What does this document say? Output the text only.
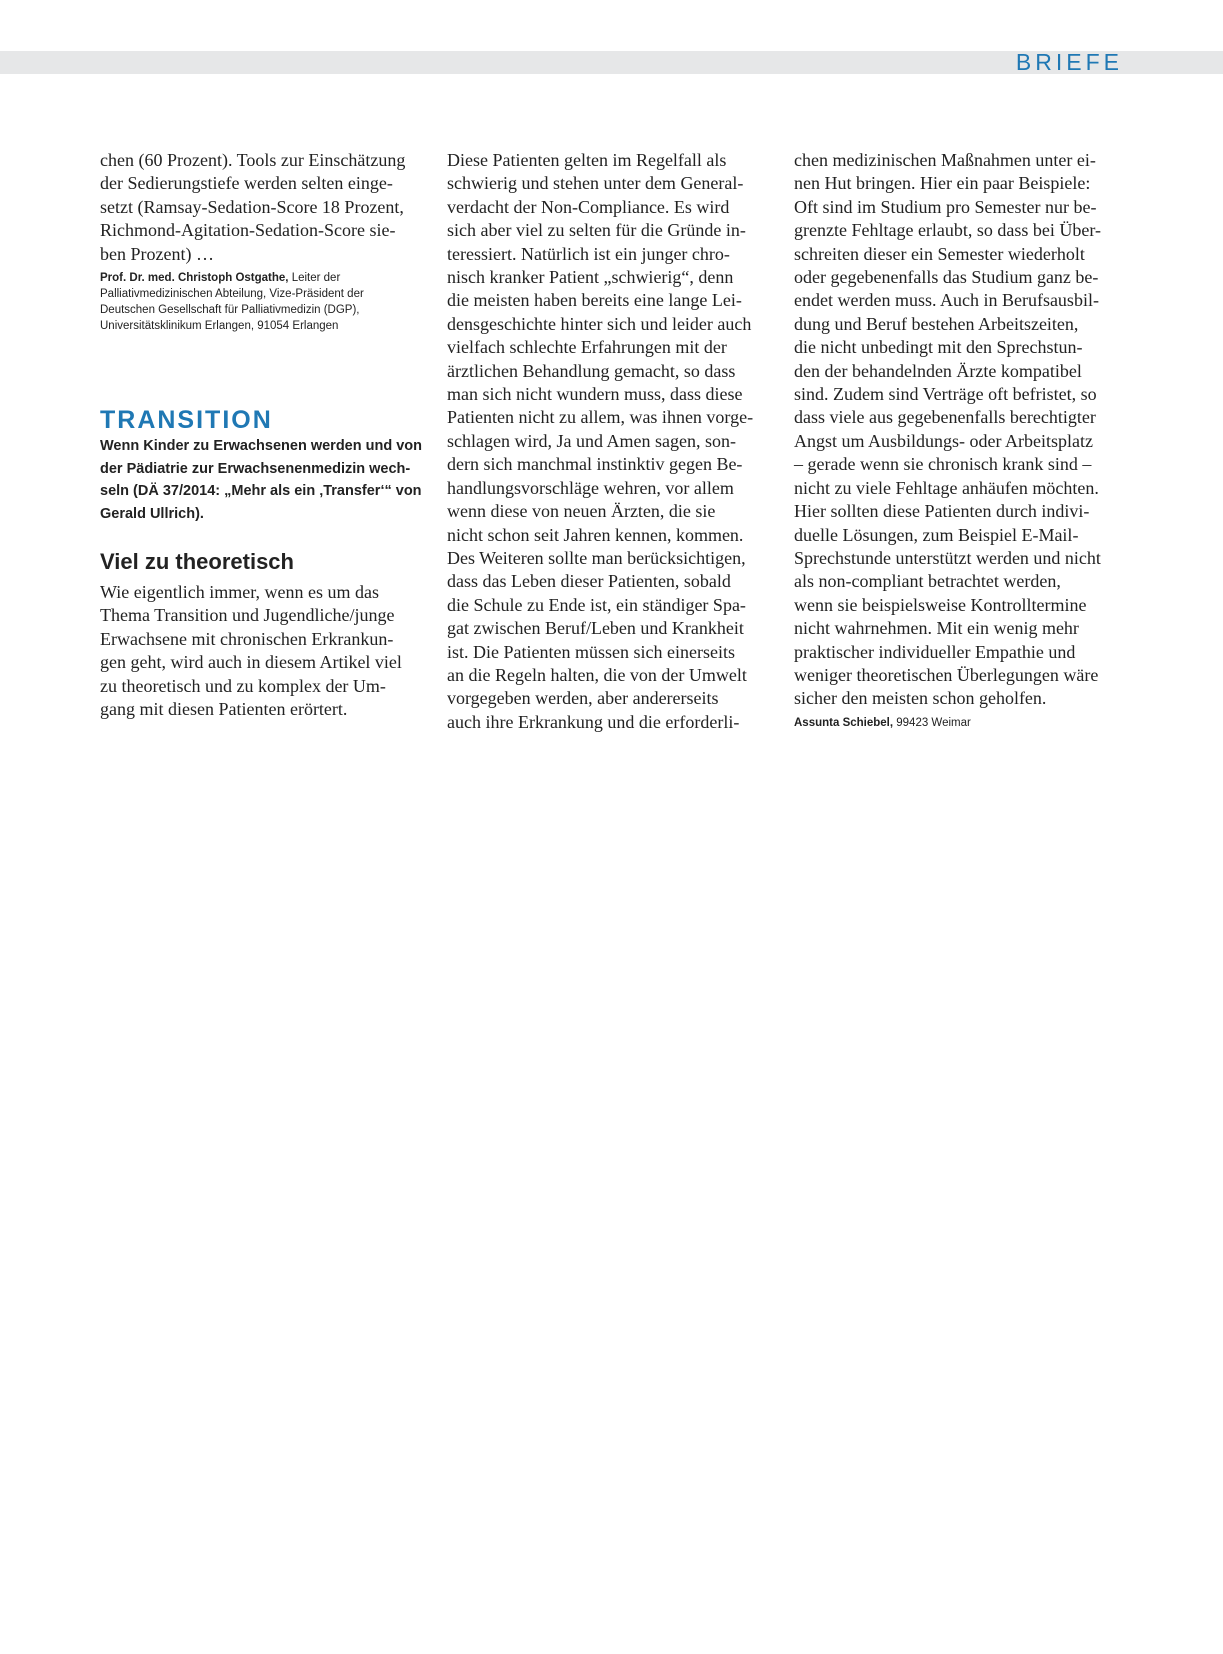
BRIEFE
chen (60 Prozent). Tools zur Einschätzung
der Sedierungstiefe werden selten einge-
setzt (Ramsay-Sedation-Score 18 Prozent,
Richmond-Agitation-Sedation-Score sie-
ben Prozent) …
Prof. Dr. med. Christoph Ostgathe, Leiter der
Palliativmedizinischen Abteilung, Vize-Präsident der
Deutschen Gesellschaft für Palliativmedizin (DGP),
Universitätsklinikum Erlangen, 91054 Erlangen
TRANSITION
Wenn Kinder zu Erwachsenen werden und von
der Pädiatrie zur Erwachsenenmedizin wech-
seln (DÄ 37/2014: „Mehr als ein ‚Transfer‘“ von
Gerald Ullrich).
Viel zu theoretisch
Wie eigentlich immer, wenn es um das
Thema Transition und Jugendliche/junge
Erwachsene mit chronischen Erkrankun-
gen geht, wird auch in diesem Artikel viel
zu theoretisch und zu komplex der Um-
gang mit diesen Patienten erörtert.
Diese Patienten gelten im Regelfall als
schwierig und stehen unter dem General-
verdacht der Non-Compliance. Es wird
sich aber viel zu selten für die Gründe in-
teressiert. Natürlich ist ein junger chro-
nisch kranker Patient „schwierig“, denn
die meisten haben bereits eine lange Lei-
densgeschichte hinter sich und leider auch
vielfach schlechte Erfahrungen mit der
ärztlichen Behandlung gemacht, so dass
man sich nicht wundern muss, dass diese
Patienten nicht zu allem, was ihnen vorge-
schlagen wird, Ja und Amen sagen, son-
dern sich manchmal instinktiv gegen Be-
handlungsvorschläge wehren, vor allem
wenn diese von neuen Ärzten, die sie
nicht schon seit Jahren kennen, kommen.
Des Weiteren sollte man berücksichtigen,
dass das Leben dieser Patienten, sobald
die Schule zu Ende ist, ein ständiger Spa-
gat zwischen Beruf/Leben und Krankheit
ist. Die Patienten müssen sich einerseits
an die Regeln halten, die von der Umwelt
vorgegeben werden, aber andererseits
auch ihre Erkrankung und die erforderli-
chen medizinischen Maßnahmen unter ei-
nen Hut bringen. Hier ein paar Beispiele:
Oft sind im Studium pro Semester nur be-
grenzte Fehltage erlaubt, so dass bei Über-
schreiten dieser ein Semester wiederholt
oder gegebenenfalls das Studium ganz be-
endet werden muss. Auch in Berufsausbil-
dung und Beruf bestehen Arbeitszeiten,
die nicht unbedingt mit den Sprechstun-
den der behandelnden Ärzte kompatibel
sind. Zudem sind Verträge oft befristet, so
dass viele aus gegebenenfalls berechtigter
Angst um Ausbildungs- oder Arbeitsplatz
– gerade wenn sie chronisch krank sind –
nicht zu viele Fehltage anhäufen möchten.
Hier sollten diese Patienten durch indivi-
duelle Lösungen, zum Beispiel E-Mail-
Sprechstunde unterstützt werden und nicht
als non-compliant betrachtet werden,
wenn sie beispielsweise Kontrolltermine
nicht wahrnehmen. Mit ein wenig mehr
praktischer individueller Empathie und
weniger theoretischen Überlegungen wäre
sicher den meisten schon geholfen.
Assunta Schiebel, 99423 Weimar
